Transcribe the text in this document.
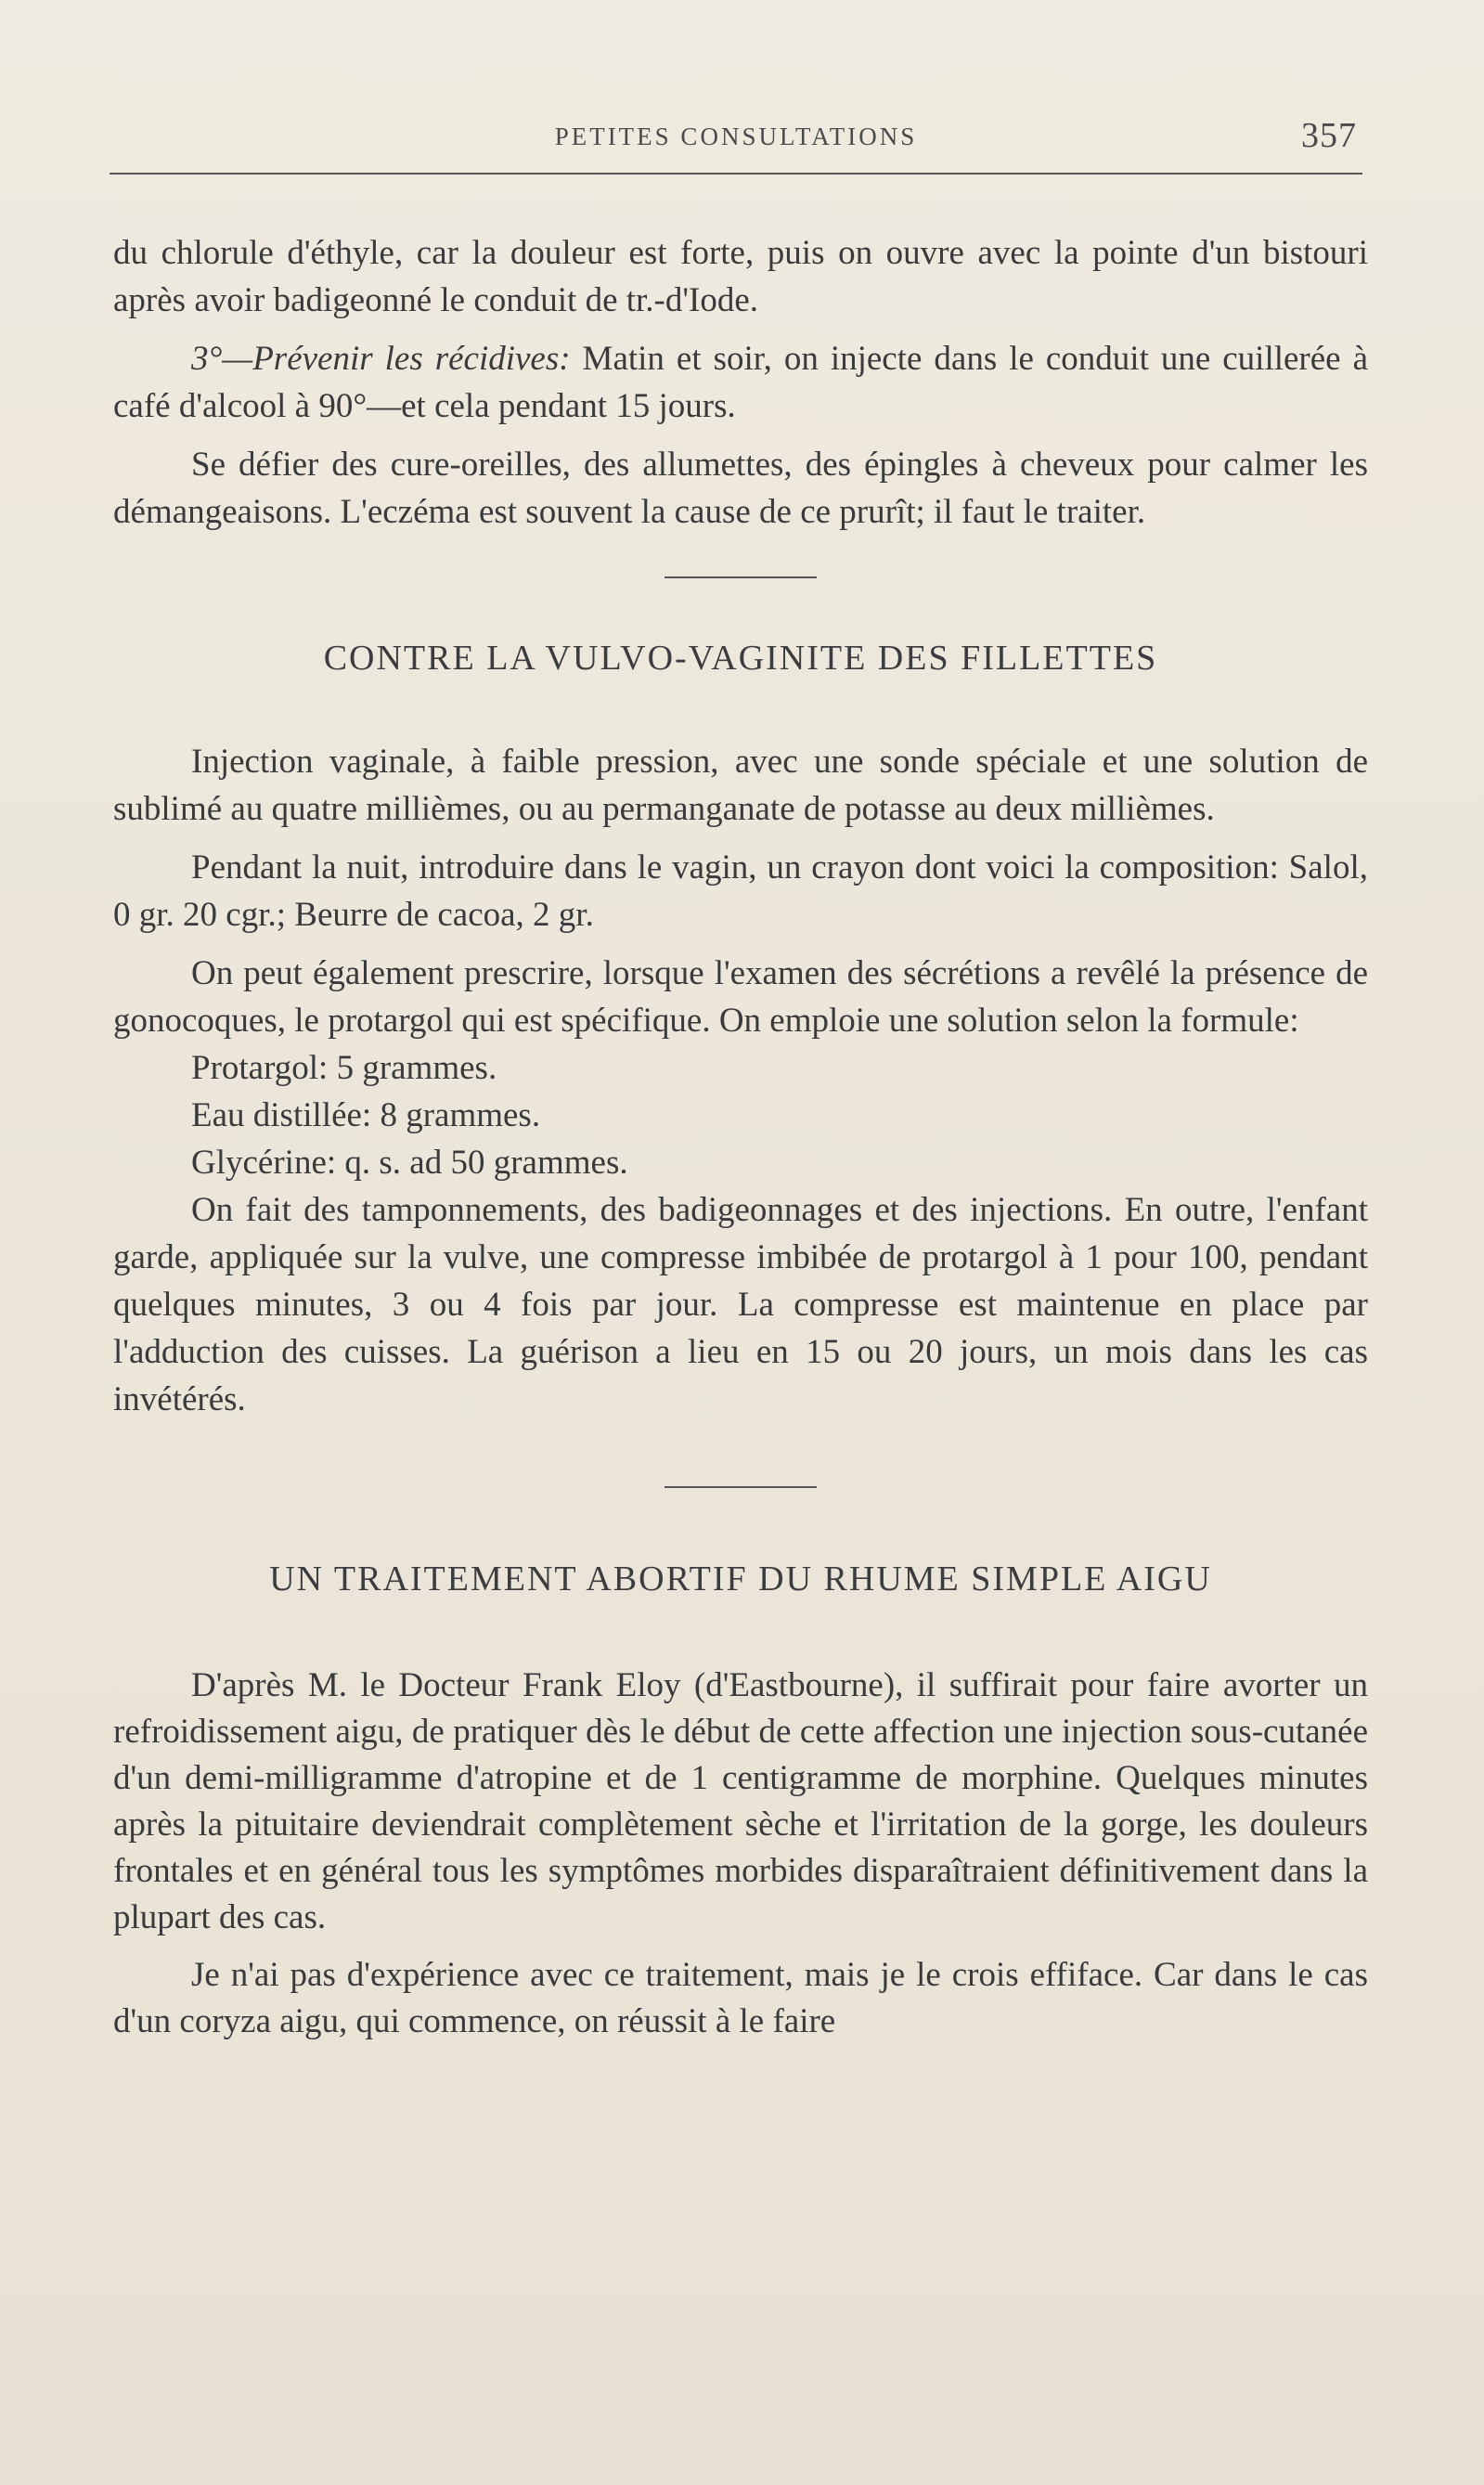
PETITES CONSULTATIONS	357

du chlorule d'éthyle, car la douleur est forte, puis on ouvre avec la pointe d'un bistouri après avoir badigeonné le conduit de tr.-d'Iode.

3°—Prévenir les récidives: Matin et soir, on injecte dans le conduit une cuillerée à café d'alcool à 90°—et cela pendant 15 jours.

Se défier des cure-oreilles, des allumettes, des épingles à cheveux pour calmer les démangeaisons. L'eczéma est souvent la cause de ce prurît; il faut le traiter.

CONTRE LA VULVO-VAGINITE DES FILLETTES

Injection vaginale, à faible pression, avec une sonde spéciale et une solution de sublimé au quatre millièmes, ou au permanganate de potasse au deux millièmes.

Pendant la nuit, introduire dans le vagin, un crayon dont voici la composition: Salol, 0 gr. 20 cgr.; Beurre de cacoa, 2 gr.

On peut également prescrire, lorsque l'examen des sécrétions a revêlé la présence de gonocoques, le protargol qui est spécifique. On emploie une solution selon la formule:

Protargol: 5 grammes.

Eau distillée: 8 grammes.

Glycérine: q. s. ad 50 grammes.

On fait des tamponnements, des badigeonnages et des injections. En outre, l'enfant garde, appliquée sur la vulve, une compresse imbibée de protargol à 1 pour 100, pendant quelques minutes, 3 ou 4 fois par jour. La compresse est maintenue en place par l'adduction des cuisses. La guérison a lieu en 15 ou 20 jours, un mois dans les cas invétérés.

UN TRAITEMENT ABORTIF DU RHUME SIMPLE AIGU

D'après M. le Docteur Frank Eloy (d'Eastbourne), il suffirait pour faire avorter un refroidissement aigu, de pratiquer dès le début de cette affection une injection sous-cutanée d'un demi-milligramme d'atropine et de 1 centigramme de morphine. Quelques minutes après la pituitaire deviendrait complètement sèche et l'irritation de la gorge, les douleurs frontales et en général tous les symptômes morbides disparaîtraient définitivement dans la plupart des cas.

Je n'ai pas d'expérience avec ce traitement, mais je le crois effiface. Car dans le cas d'un coryza aigu, qui commence, on réussit à le faire
